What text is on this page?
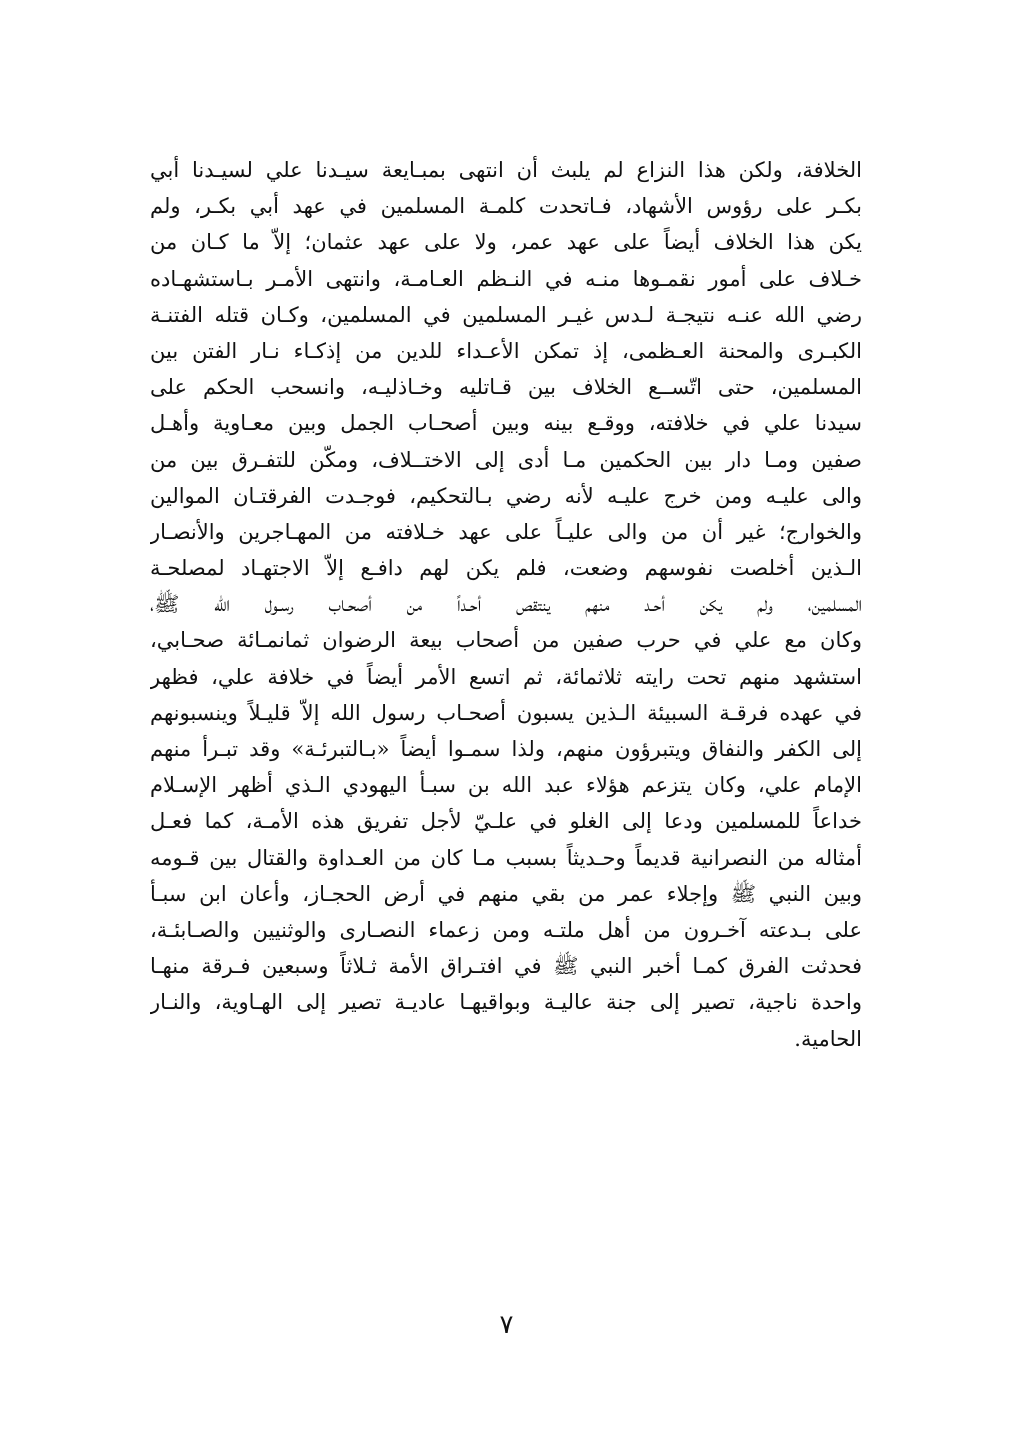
الخلافة، ولكن هذا النزاع لم يلبث أن انتهى بمبـايعة سيـدنا علي لسيـدنا أبي
بكـر على رؤوس الأشهاد، فـاتحدت كلمـة المسلمين في عهد أبي بكـر، ولم
يكن هذا الخلاف أيضاً على عهد عمر، ولا على عهد عثمان؛ إلاّ ما كـان من
خـلاف على أمور نقمـوها منـه في النـظم العـامـة، وانتهى الأمـر بـاستشهـاده
رضي الله عنـه نتيجـة لـدس غيـر المسلمين في المسلمين، وكـان قتله الفتنـة
الكبـرى والمحنة العـظمى، إذ تمكن الأعـداء للدين من إذكـاء نـار الفتن بين
المسلمين، حتى اتّســع الخلاف بين قـاتليه وخـاذليـه، وانسحب الحكم على
سيدنا علي في خلافته، ووقـع بينه وبين أصحـاب الجمل وبين معـاوية وأهـل
صفين ومـا دار بين الحكمين مـا أدى إلى الاختــلاف، ومكّن للتفـرق بين من
والى عليـه ومن خرج عليـه لأنه رضي بـالتحكيم، فوجـدت الفرقتـان الموالين
والخوارج؛ غير أن من والى عليـاً على عهد خـلافته من المهـاجرين والأنصـار
الـذين أخلصت نفوسهم وضعت، فلم يكن لهم دافـع إلاّ الاجتهـاد لمصلحـة
المسلمين، ولم يكن أحـد منهم ينتقص أحـداً من أصحـاب رسـول الله ﷺ،
وكان مع علي في حرب صفين من أصحاب بيعة الرضوان ثمانمـائة صحـابي،
استشهد منهم تحت رايته ثلاثمائة، ثم اتسع الأمر أيضاً في خلافة علي، فظهر
في عهده فرقـة السبيئة الـذين يسبون أصحـاب رسول الله إلاّ قليـلاً وينسبونهم
إلى الكفر والنفاق ويتبرؤون منهم، ولذا سمـوا أيضاً «بـالتبرئـة» وقد تبـرأ منهم
الإمام علي، وكان يتزعم هؤلاء عبد الله بن سبـأ اليهودي الـذي أظهر الإسـلام
خداعاً للمسلمين ودعا إلى الغلو في علـيّ لأجل تفريق هذه الأمـة، كما فعـل
أمثاله من النصرانية قديماً وحـديثاً بسبب مـا كان من العـداوة والقتال بين قـومه
وبين النبي ﷺ وإجلاء عمر من بقي منهم في أرض الحجـاز، وأعان ابن سبـأ
على بـدعته آخـرون من أهل ملتـه ومن زعماء النصـارى والوثنيين والصـابئـة،
فحدثت الفرق كمـا أخبر النبي ﷺ في افتـراق الأمة ثـلاثاً وسبعين فـرقة منهـا
واحدة ناجية، تصير إلى جنة عاليـة وبواقيهـا عاديـة تصير إلى الهـاوية، والنـار
الحامية.
٧
